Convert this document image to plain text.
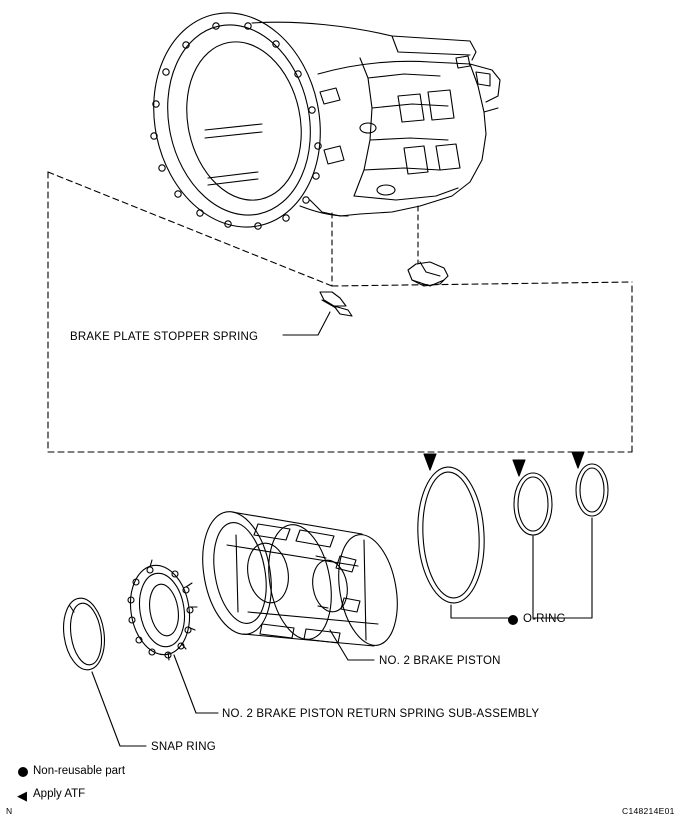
BRAKE PLATE STOPPER SPRING
O-RING
NO. 2 BRAKE PISTON
NO. 2 BRAKE PISTON RETURN SPRING SUB-ASSEMBLY
SNAP RING
Non-reusable part
◀ Apply ATF
N	C148214E01
